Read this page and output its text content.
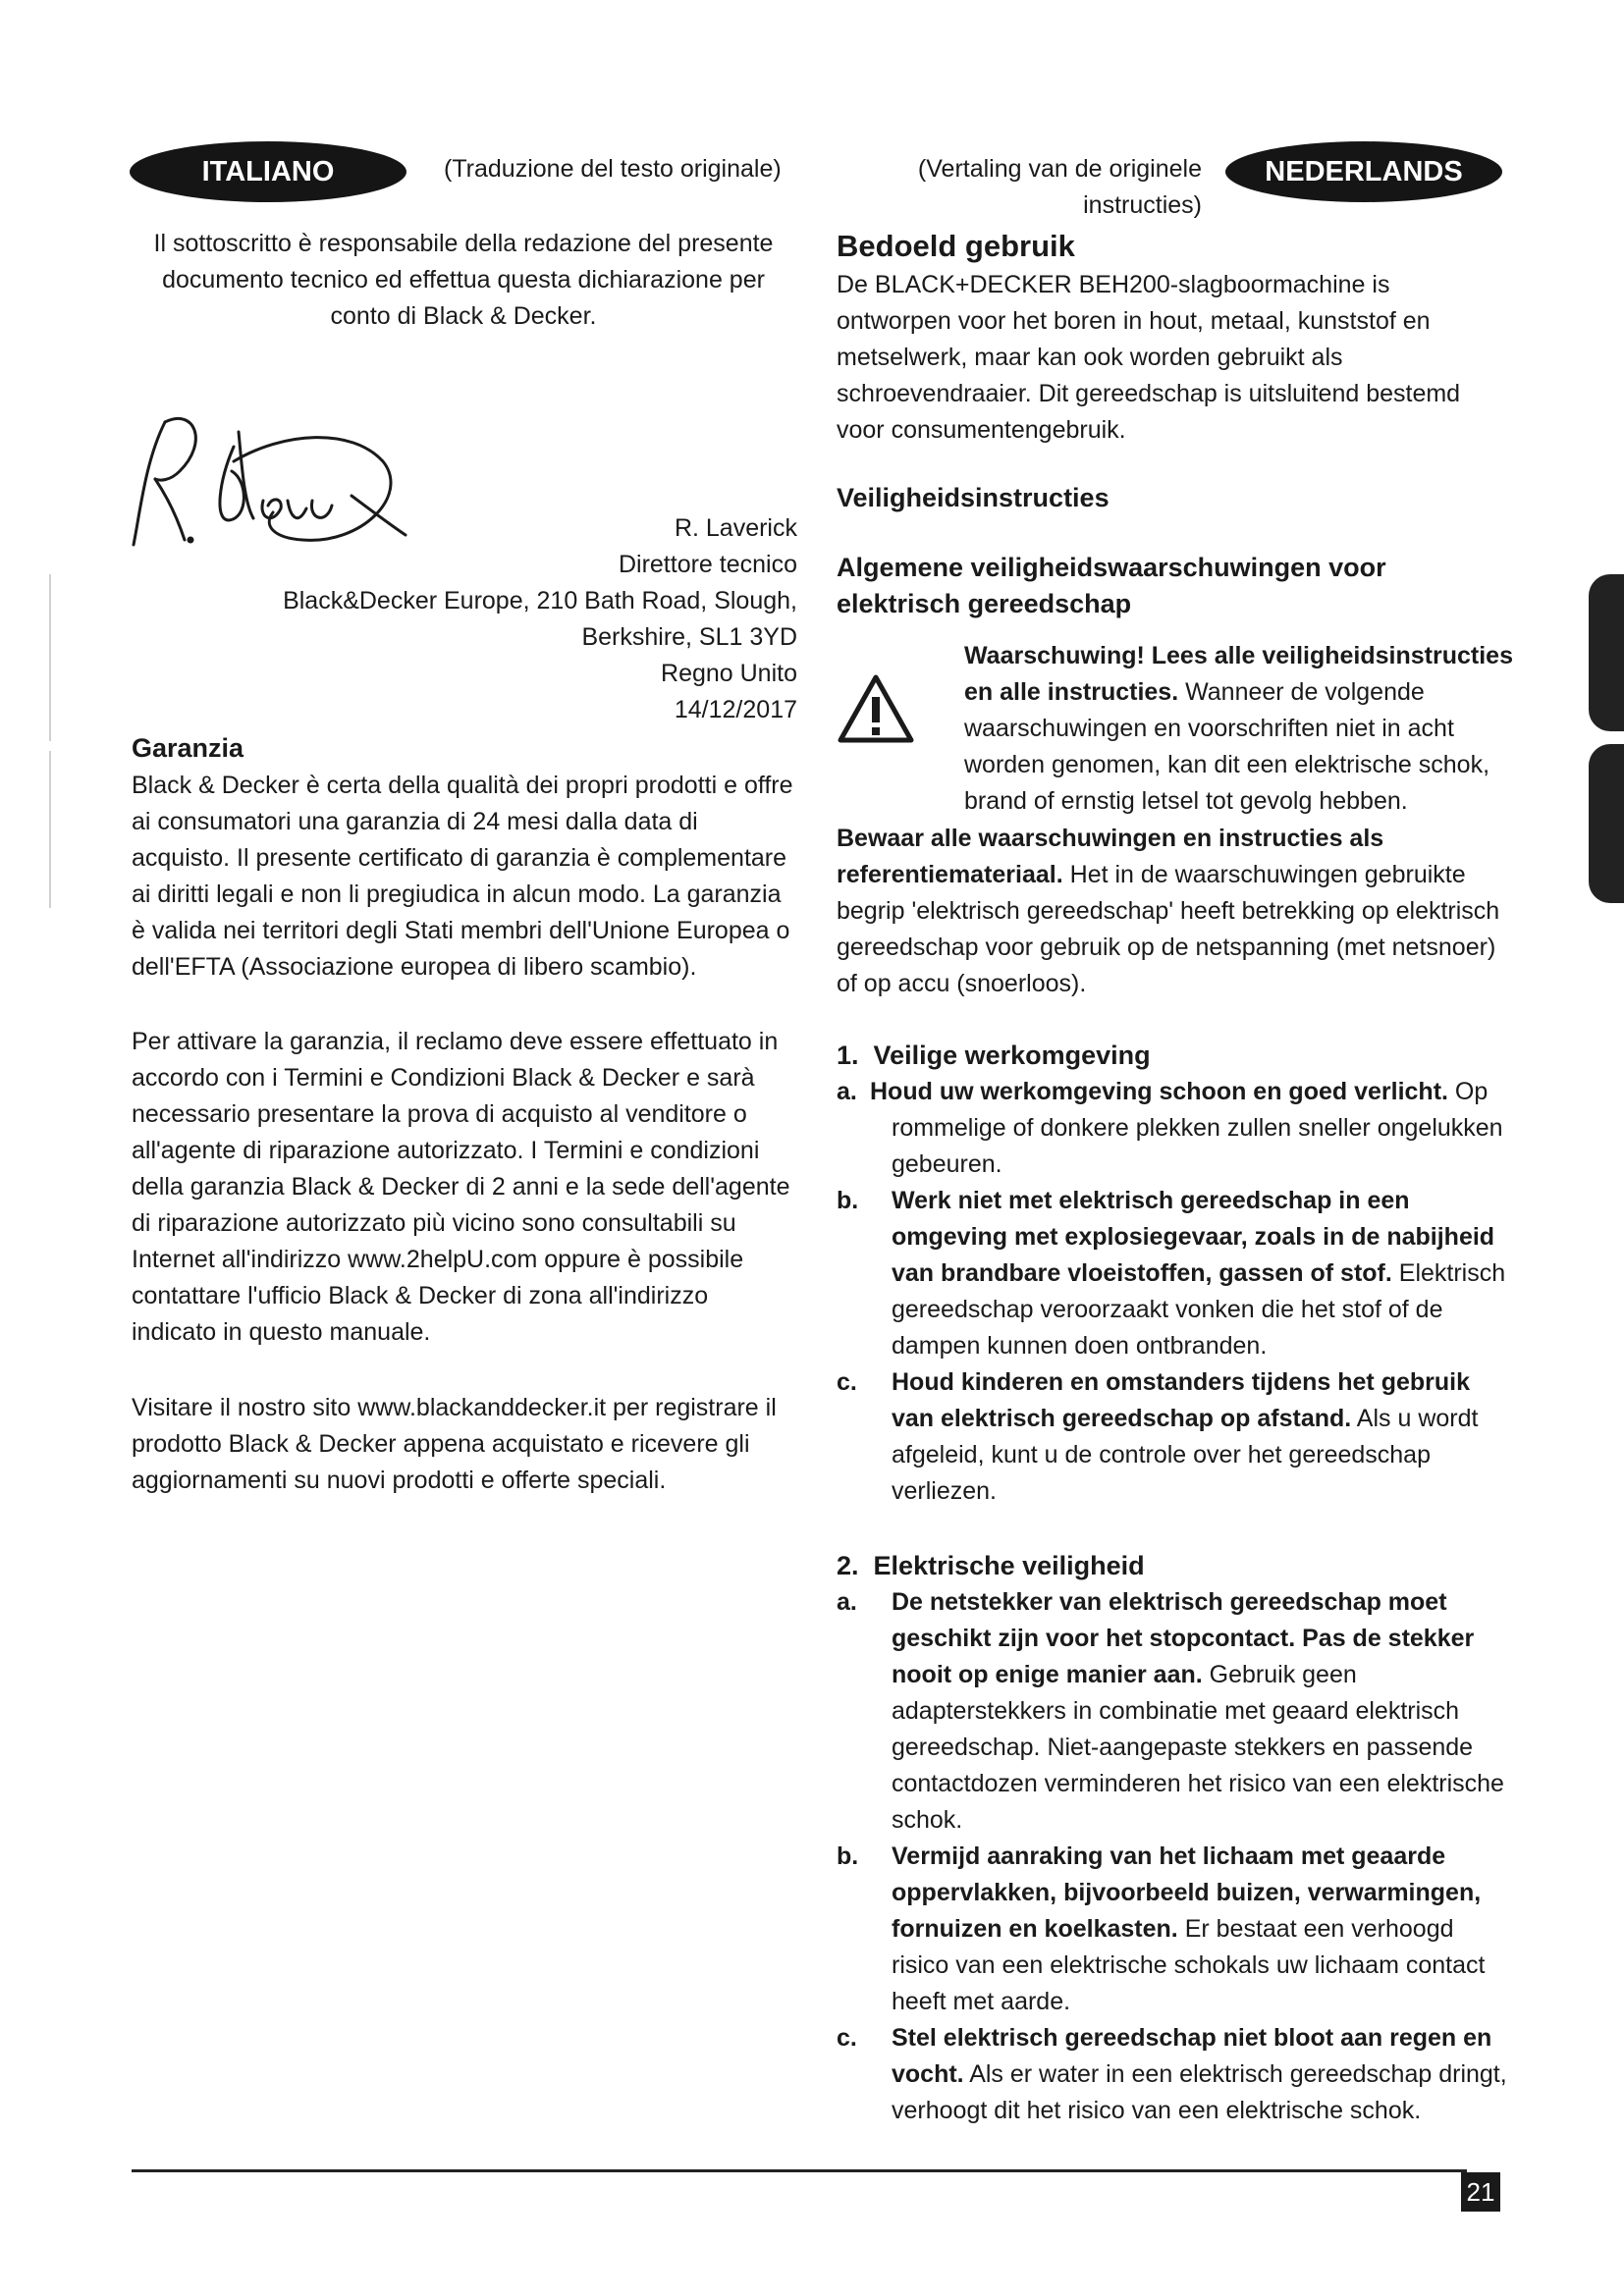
ITALIANO	(Traduzione del testo originale)
Il sottoscritto è responsabile della redazione del presente documento tecnico ed effettua questa dichiarazione per conto di Black & Decker.
R. Laverick
Direttore tecnico
Black&Decker Europe, 210 Bath Road, Slough,
Berkshire, SL1 3YD
Regno Unito
14/12/2017
Garanzia
Black & Decker è certa della qualità dei propri prodotti e offre ai consumatori una garanzia di 24 mesi dalla data di acquisto. Il presente certificato di garanzia è complementare ai diritti legali e non li pregiudica in alcun modo. La garanzia è valida nei territori degli Stati membri dell'Unione Europea o dell'EFTA (Associazione europea di libero scambio).
Per attivare la garanzia, il reclamo deve essere effettuato in accordo con i Termini e Condizioni Black & Decker e sarà necessario presentare la prova di acquisto al venditore o all'agente di riparazione autorizzato. I Termini e condizioni della garanzia Black & Decker di 2 anni e la sede dell'agente di riparazione autorizzato più vicino sono consultabili su Internet all'indirizzo www.2helpU.com oppure è possibile contattare l'ufficio Black & Decker di zona all'indirizzo indicato in questo manuale.
Visitare il nostro sito www.blackanddecker.it per registrare il prodotto Black & Decker appena acquistato e ricevere gli aggiornamenti su nuovi prodotti e offerte speciali.
(Vertaling van de originele
instructies)
NEDERLANDS
Bedoeld gebruik
De BLACK+DECKER BEH200-slagboormachine is ontworpen voor het boren in hout, metaal, kunststof en metselwerk, maar kan ook worden gebruikt als schroevendraaier. Dit gereedschap is uitsluitend bestemd voor consumentengebruik.
Veiligheidsinstructies
Algemene veiligheidswaarschuwingen voor elektrisch gereedschap
Waarschuwing! Lees alle veiligheidsinstructies en alle instructies. Wanneer de volgende waarschuwingen en voorschriften niet in acht worden genomen, kan dit een elektrische schok, brand of ernstig letsel tot gevolg hebben.
Bewaar alle waarschuwingen en instructies als referentiemateriaal. Het in de waarschuwingen gebruikte begrip 'elektrisch gereedschap' heeft betrekking op elektrisch gereedschap voor gebruik op de netspanning (met netsnoer) of op accu (snoerloos).
1. Veilige werkomgeving
a. Houd uw werkomgeving schoon en goed verlicht. Op rommelige of donkere plekken zullen sneller ongelukken gebeuren.
b. Werk niet met elektrisch gereedschap in een omgeving met explosiegevaar, zoals in de nabijheid van brandbare vloeistoffen, gassen of stof. Elektrisch gereedschap veroorzaakt vonken die het stof of de dampen kunnen doen ontbranden.
c. Houd kinderen en omstanders tijdens het gebruik van elektrisch gereedschap op afstand. Als u wordt afgeleid, kunt u de controle over het gereedschap verliezen.
2. Elektrische veiligheid
a. De netstekker van elektrisch gereedschap moet geschikt zijn voor het stopcontact. Pas de stekker nooit op enige manier aan. Gebruik geen adapterstekkers in combinatie met geaard elektrisch gereedschap. Niet-aangepaste stekkers en passende contactdozen verminderen het risico van een elektrische schok.
b. Vermijd aanraking van het lichaam met geaarde oppervlakken, bijvoorbeeld buizen, verwarmingen, fornuizen en koelkasten. Er bestaat een verhoogd risico van een elektrische schokals uw lichaam contact heeft met aarde.
c. Stel elektrisch gereedschap niet bloot aan regen en vocht. Als er water in een elektrisch gereedschap dringt, verhoogt dit het risico van een elektrische schok.
21
